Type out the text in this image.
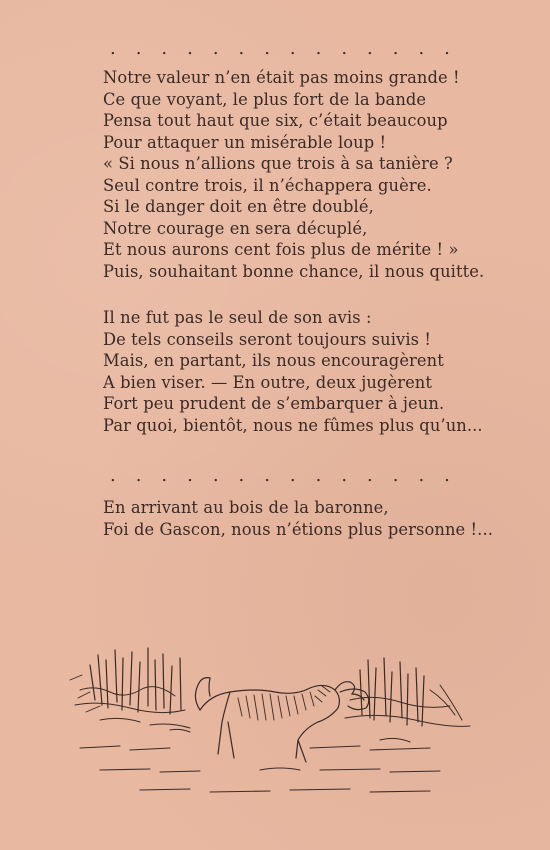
. . . . . . . . . . . . . .
Notre valeur n’en était pas moins grande !
Ce que voyant, le plus fort de la bande
Pensa tout haut que six, c’était beaucoup
Pour attaquer un misérable loup !
« Si nous n’allions que trois à sa tanière ?
Seul contre trois, il n’échappera guère.
Si le danger doit en être doublé,
Notre courage en sera décuplé,
Et nous aurons cent fois plus de mérite ! »
Puis, souhaitant bonne chance, il nous quitte.
Il ne fut pas le seul de son avis :
De tels conseils seront toujours suivis !
Mais, en partant, ils nous encouragèrent
A bien viser. — En outre, deux jugèrent
Fort peu prudent de s’embarquer à jeun.
Par quoi, bientôt, nous ne fûmes plus qu’un...
. . . . . . . . . . . . . .
En arrivant au bois de la baronne,
Foi de Gascon, nous n’étions plus personne !...
